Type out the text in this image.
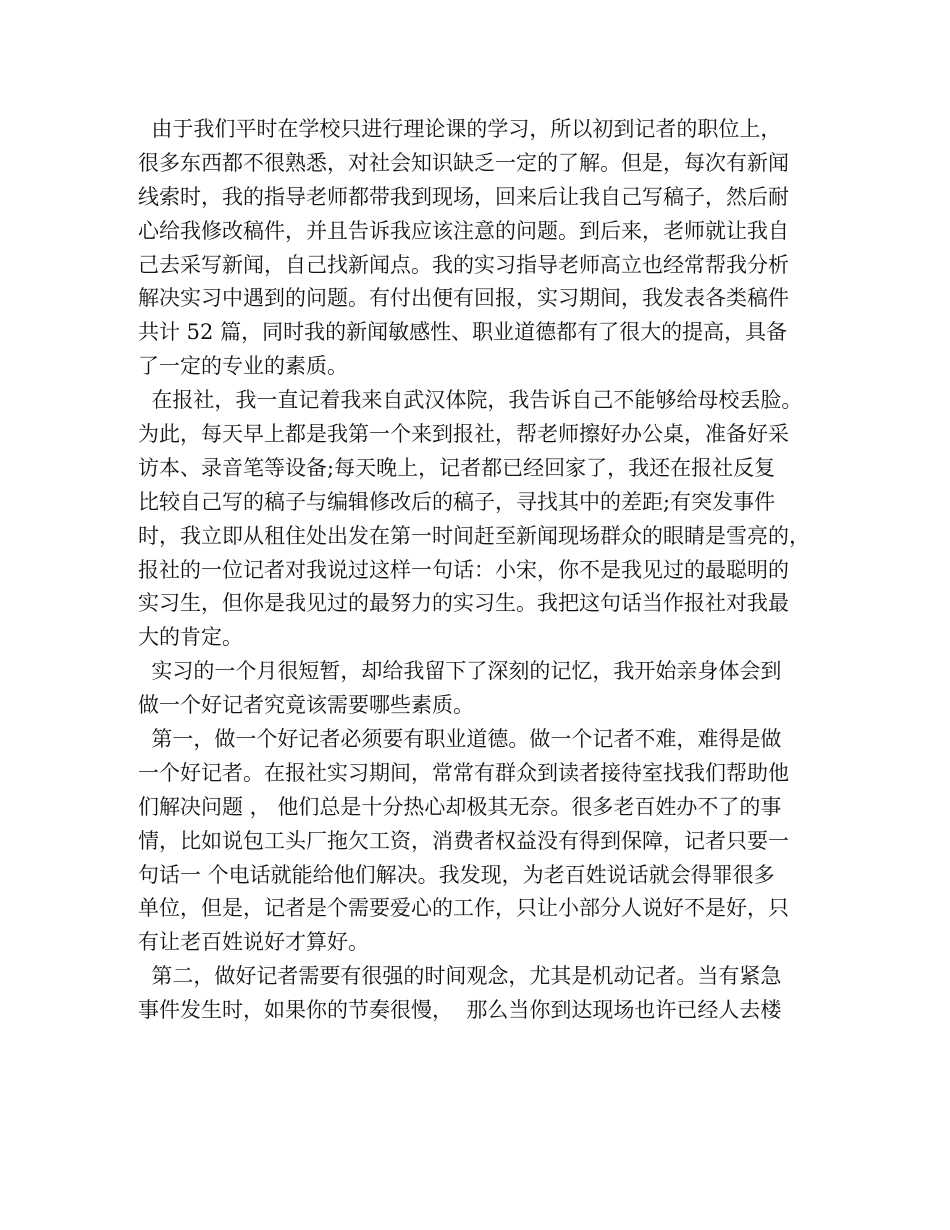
由于我们平时在学校只进行理论课的学习，所以初到记者的职位上，
很多东西都不很熟悉，对社会知识缺乏一定的了解。但是，每次有新闻
线索时，我的指导老师都带我到现场，回来后让我自己写稿子，然后耐
心给我修改稿件，并且告诉我应该注意的问题。到后来，老师就让我自
己去采写新闻，自己找新闻点。我的实习指导老师高立也经常帮我分析
解决实习中遇到的问题。有付出便有回报，实习期间，我发表各类稿件
共计 52 篇，同时我的新闻敏感性、职业道德都有了很大的提高，具备
了一定的专业的素质。
在报社，我一直记着我来自武汉体院，我告诉自己不能够给母校丢脸。
为此，每天早上都是我第一个来到报社，帮老师擦好办公桌，准备好采
访本、录音笔等设备;每天晚上，记者都已经回家了，我还在报社反复
比较自己写的稿子与编辑修改后的稿子，寻找其中的差距;有突发事件
时，我立即从租住处出发在第一时间赶至新闻现场群众的眼睛是雪亮的，
报社的一位记者对我说过这样一句话：小宋，你不是我见过的最聪明的
实习生，但你是我见过的最努力的实习生。我把这句话当作报社对我最
大的肯定。
实习的一个月很短暂，却给我留下了深刻的记忆，我开始亲身体会到
做一个好记者究竟该需要哪些素质。
第一，做一个好记者必须要有职业道德。做一个记者不难，难得是做
一个好记者。在报社实习期间，常常有群众到读者接待室找我们帮助他
们解决问题 ， 他们总是十分热心却极其无奈。很多老百姓办不了的事
情，比如说包工头厂拖欠工资，消费者权益没有得到保障，记者只要一
句话一 个电话就能给他们解决。我发现，为老百姓说话就会得罪很多
单位，但是，记者是个需要爱心的工作，只让小部分人说好不是好，只
有让老百姓说好才算好。
第二，做好记者需要有很强的时间观念，尤其是机动记者。当有紧急
事件发生时，如果你的节奏很慢，  那么当你到达现场也许已经人去楼
